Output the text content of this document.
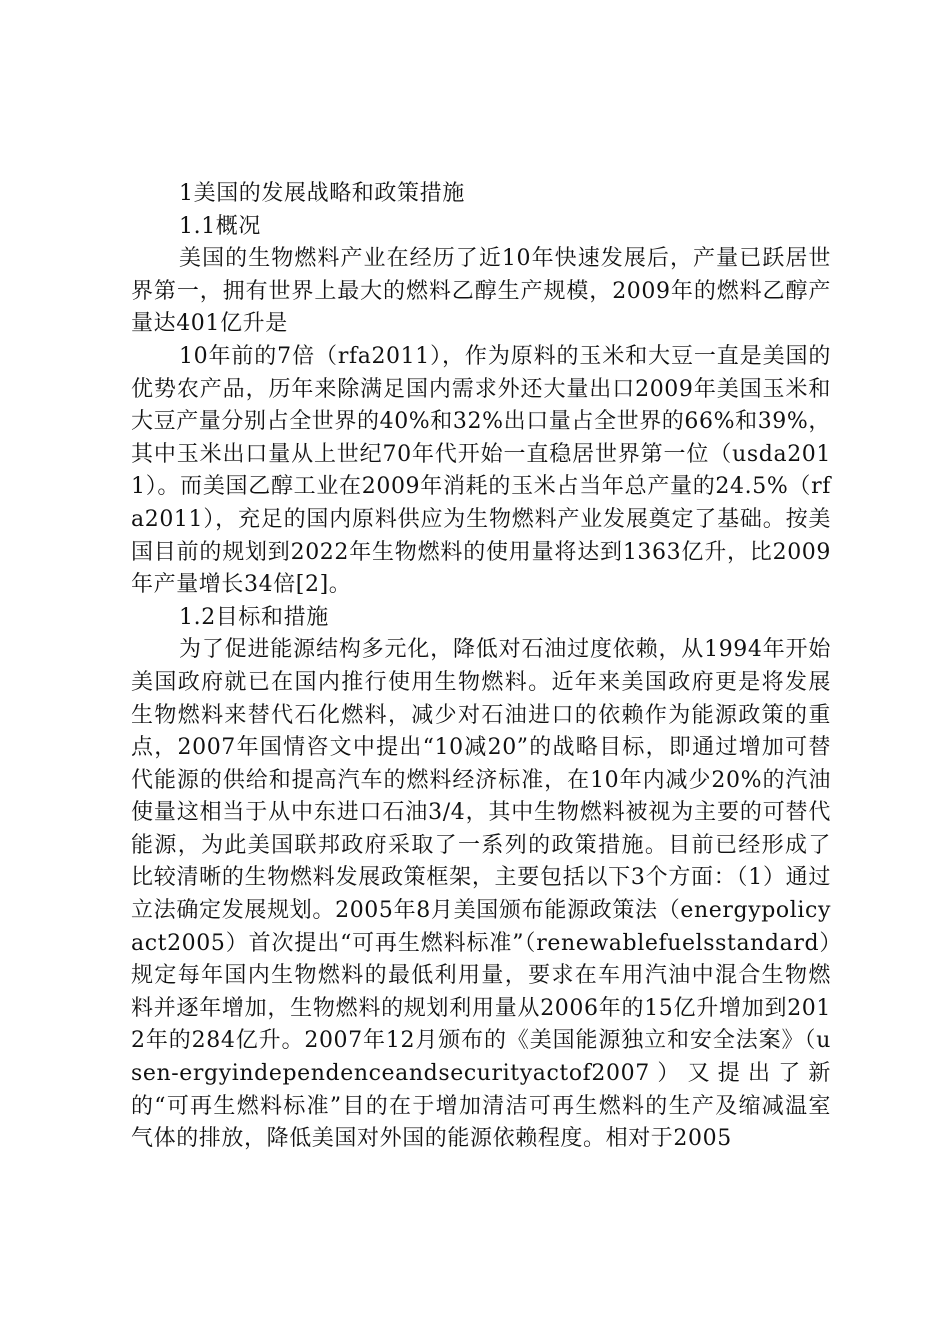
1美国的发展战略和政策措施

1.1概况

美国的生物燃料产业在经历了近10年快速发展后，产量已跃居世界第一，拥有世界上最大的燃料乙醇生产规模，2009年的燃料乙醇产量达401亿升是

10年前的7倍（rfa2011），作为原料的玉米和大豆一直是美国的优势农产品，历年来除满足国内需求外还大量出口2009年美国玉米和大豆产量分别占全世界的40%和32%出口量占全世界的66%和39%，其中玉米出口量从上世纪70年代开始一直稳居世界第一位（usda2011）。而美国乙醇工业在2009年消耗的玉米占当年总产量的24.5%（rfa2011），充足的国内原料供应为生物燃料产业发展奠定了基础。按美国目前的规划到2022年生物燃料的使用量将达到1363亿升，比2009年产量增长34倍[2]。

1.2目标和措施

为了促进能源结构多元化，降低对石油过度依赖，从1994年开始美国政府就已在国内推行使用生物燃料。近年来美国政府更是将发展生物燃料来替代石化燃料，减少对石油进口的依赖作为能源政策的重点，2007年国情咨文中提出“10减20”的战略目标，即通过增加可替代能源的供给和提高汽车的燃料经济标准，在10年内减少20%的汽油使量这相当于从中东进口石油3/4，其中生物燃料被视为主要的可替代能源，为此美国联邦政府采取了一系列的政策措施。目前已经形成了比较清晰的生物燃料发展政策框架，主要包括以下3个方面：（1）通过立法确定发展规划。2005年8月美国颁布能源政策法（energypolicyact2005）首次提出“可再生燃料标准”（renewablefuelsstandard）规定每年国内生物燃料的最低利用量，要求在车用汽油中混合生物燃料并逐年增加，生物燃料的规划利用量从2006年的15亿升增加到2012年的284亿升。2007年12月颁布的《美国能源独立和安全法案》（usen-ergyindependenceandsecurityactof2007）又提出了新的“可再生燃料标准”目的在于增加清洁可再生燃料的生产及缩减温室气体的排放，降低美国对外国的能源依赖程度。相对于2005
